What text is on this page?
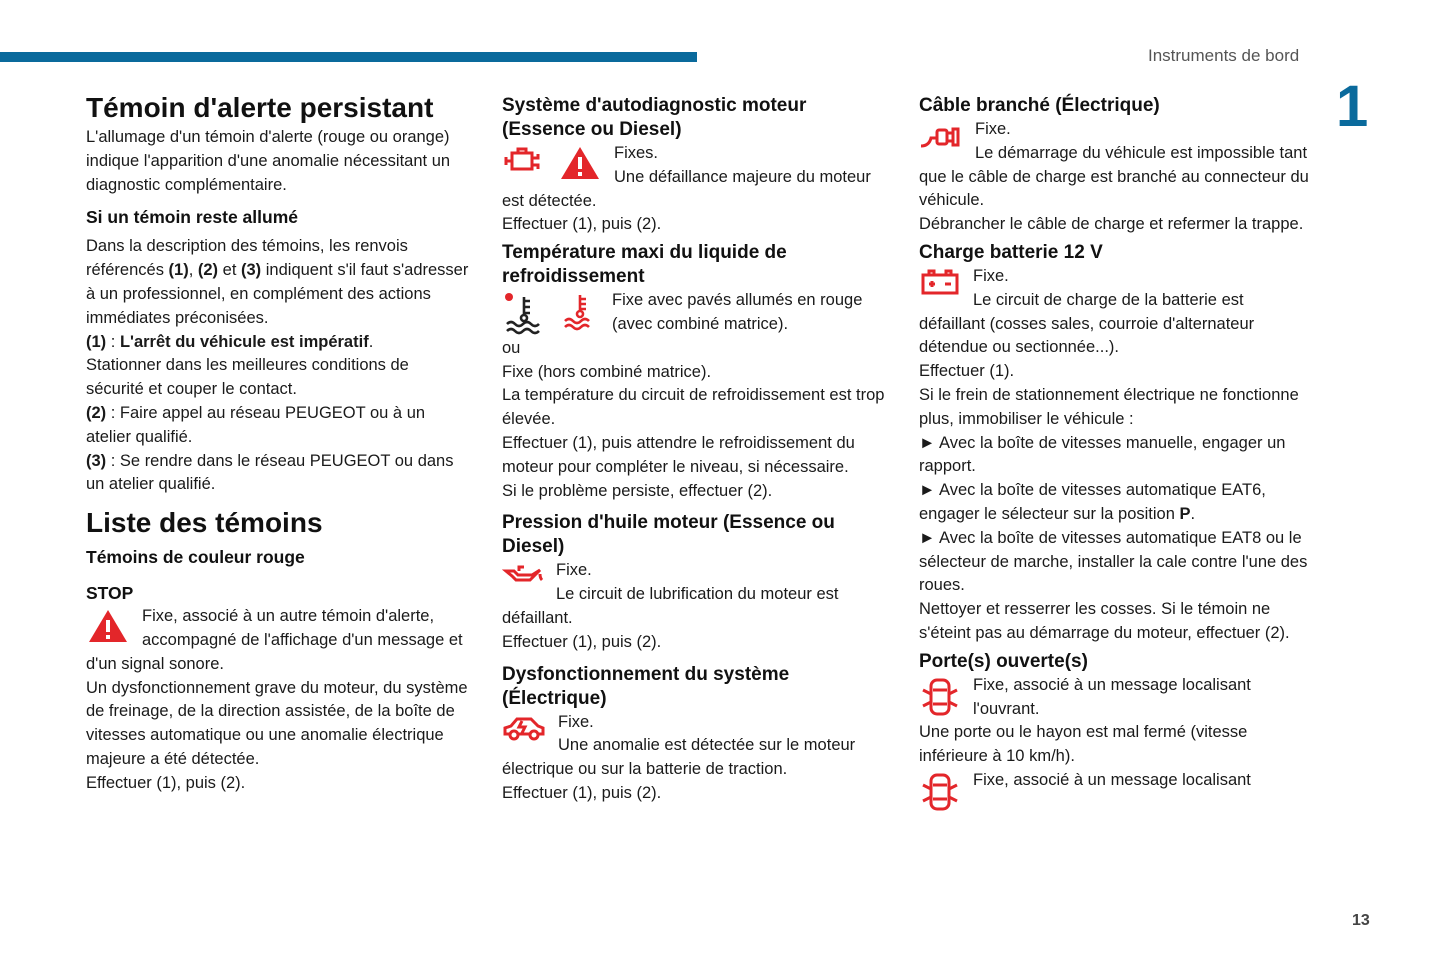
Instruments de bord
1
13
Témoin d'alerte persistant

L'allumage d'un témoin d'alerte (rouge ou orange) indique l'apparition d'une anomalie nécessitant un diagnostic complémentaire.

Si un témoin reste allumé

Dans la description des témoins, les renvois référencés (1), (2) et (3) indiquent s'il faut s'adresser à un professionnel, en complément des actions immédiates préconisées.

(1) : L'arrêt du véhicule est impératif.

Stationner dans les meilleures conditions de sécurité et couper le contact.

(2) : Faire appel au réseau PEUGEOT ou à un atelier qualifié.

(3) : Se rendre dans le réseau PEUGEOT ou dans un atelier qualifié.

Liste des témoins
Témoins de couleur rouge
STOP
Fixe, associé à un autre témoin d'alerte, accompagné de l'affichage d'un message et d'un signal sonore.

Un dysfonctionnement grave du moteur, du système de freinage, de la direction assistée, de la boîte de vitesses automatique ou une anomalie électrique majeure a été détectée.

Effectuer (1), puis (2).

Système d'autodiagnostic moteur (Essence ou Diesel)

Fixes.

Une défaillance majeure du moteur est détectée.

Effectuer (1), puis (2).

Température maxi du liquide de refroidissement

Fixe avec pavés allumés en rouge (avec combiné matrice).

ou

Fixe (hors combiné matrice).

La température du circuit de refroidissement est trop élevée.

Effectuer (1), puis attendre le refroidissement du moteur pour compléter le niveau, si nécessaire.

Si le problème persiste, effectuer (2).

Pression d'huile moteur (Essence ou Diesel)

Fixe.

Le circuit de lubrification du moteur est défaillant.

Effectuer (1), puis (2).

Dysfonctionnement du système (Électrique)

Fixe.

Une anomalie est détectée sur le moteur électrique ou sur la batterie de traction.

Effectuer (1), puis (2).

Câble branché (Électrique)

Fixe.

Le démarrage du véhicule est impossible tant que le câble de charge est branché au connecteur du véhicule.

Débrancher le câble de charge et refermer la trappe.

Charge batterie 12 V

Fixe.

Le circuit de charge de la batterie est défaillant (cosses sales, courroie d'alternateur détendue ou sectionnée...).

Effectuer (1).

Si le frein de stationnement électrique ne fonctionne plus, immobiliser le véhicule :

► Avec la boîte de vitesses manuelle, engager un rapport.

► Avec la boîte de vitesses automatique EAT6, engager le sélecteur sur la position P.

► Avec la boîte de vitesses automatique EAT8 ou le sélecteur de marche, installer la cale contre l'une des roues.

Nettoyer et resserrer les cosses. Si le témoin ne s'éteint pas au démarrage du moteur, effectuer (2).

Porte(s) ouverte(s)

Fixe, associé à un message localisant l'ouvrant.

Une porte ou le hayon est mal fermé (vitesse inférieure à 10 km/h).

Fixe, associé à un message localisant
